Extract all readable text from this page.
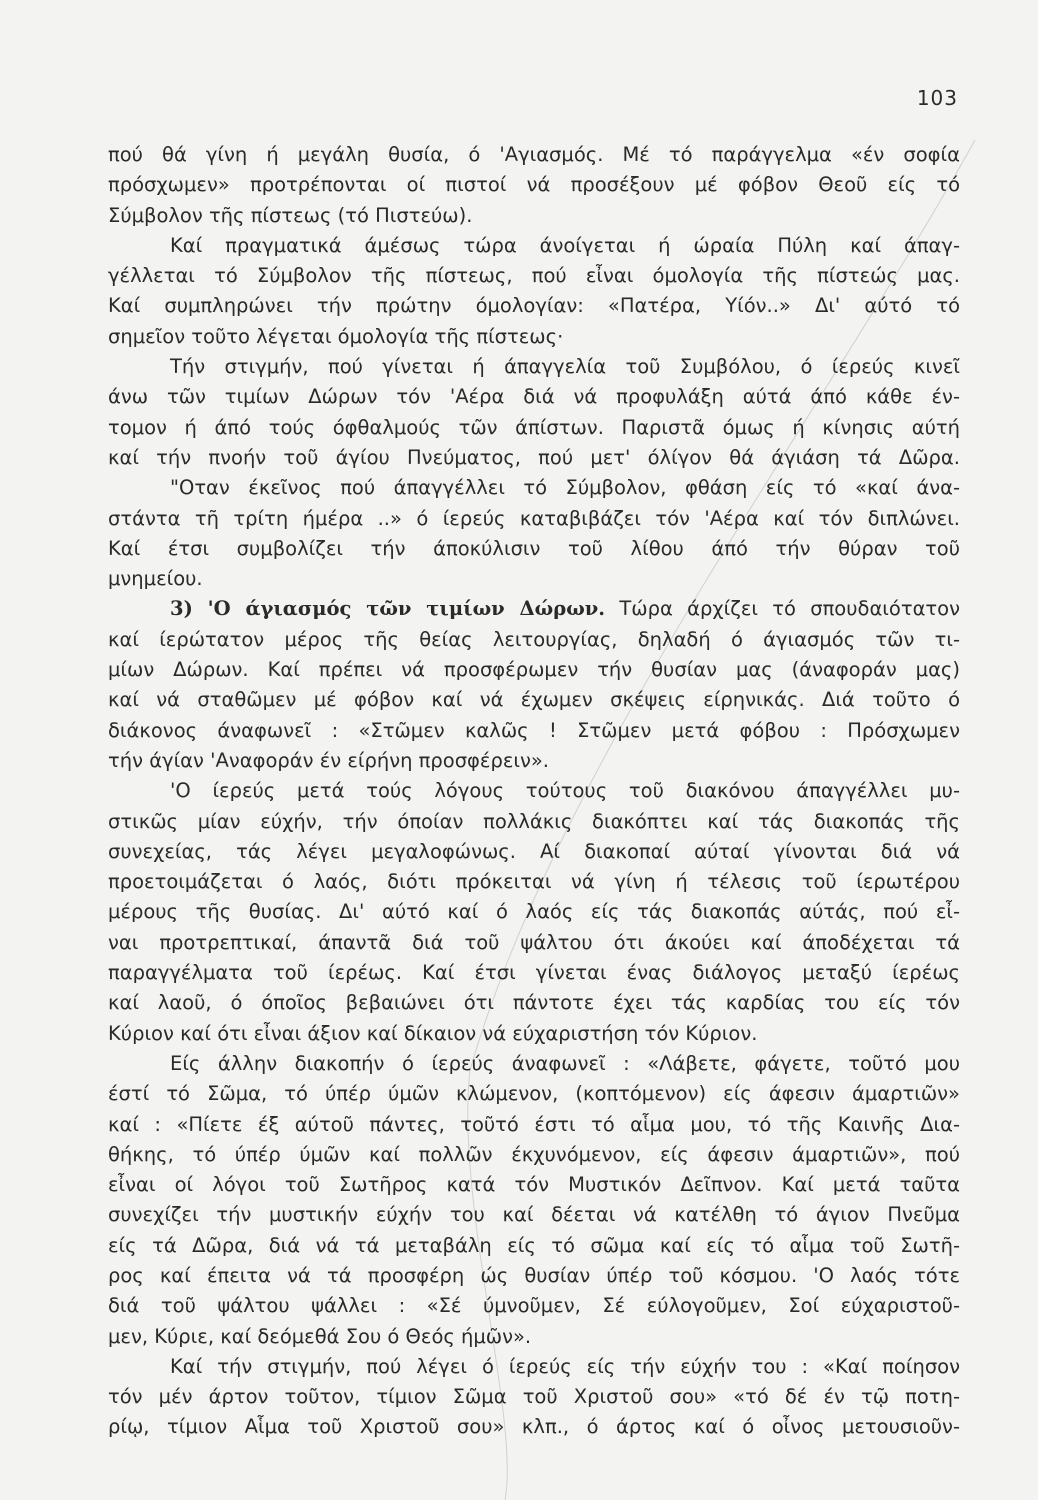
103
πού θά γίνη ή μεγάλη θυσία, ό 'Αγιασμός. Μέ τό παράγγελμα «έν σοφία
πρόσχωμεν» προτρέπονται οί πιστοί νά προσέξουν μέ φόβον Θεοῦ είς τό
Σύμβολον τῆς πίστεως (τό Πιστεύω).
Καί πραγματικά άμέσως τώρα άνοίγεται ή ώραία Πύλη καί άπαγ-
γέλλεται τό Σύμβολον τῆς πίστεως, πού εἶναι όμολογία τῆς πίστεώς μας.
Καί συμπληρώνει τήν πρώτην όμολογίαν: «Πατέρα, Υίόν..» Δι' αύτό τό
σημεῖον τοῦτο λέγεται όμολογία τῆς πίστεως·
Τήν στιγμήν, πού γίνεται ή άπαγγελία τοῦ Συμβόλου, ό ίερεύς κινεῖ
άνω τῶν τιμίων Δώρων τόν 'Αέρα διά νά προφυλάξη αύτά άπό κάθε έν-
τομον ή άπό τούς όφθαλμούς τῶν άπίστων. Παριστᾶ όμως ή κίνησις αύτή
καί τήν πνοήν τοῦ άγίου Πνεύματος, πού μετ' όλίγον θά άγιάση τά Δῶρα.
"Οταν έκεῖνος πού άπαγγέλλει τό Σύμβολον, φθάση είς τό «καί άνα-
στάντα τῆ τρίτη ήμέρα ..» ό ίερεύς καταβιβάζει τόν 'Αέρα καί τόν διπλώνει.
Καί έτσι συμβολίζει τήν άποκύλισιν τοῦ λίθου άπό τήν θύραν τοῦ
μνημείου.
3) 'Ο άγιασμός τῶν τιμίων Δώρων. Τώρα άρχίζει τό σπουδαιότατον
καί ίερώτατον μέρος τῆς θείας λειτουργίας, δηλαδή ό άγιασμός τῶν τι-
μίων Δώρων. Καί πρέπει νά προσφέρωμεν τήν θυσίαν μας (άναφοράν μας)
καί νά σταθῶμεν μέ φόβον καί νά έχωμεν σκέψεις είρηνικάς. Διά τοῦτο ό
διάκονος άναφωνεῖ : «Στῶμεν καλῶς ! Στῶμεν μετά φόβου : Πρόσχωμεν
τήν άγίαν 'Αναφοράν έν είρήνη προσφέρειν».
'Ο ίερεύς μετά τούς λόγους τούτους τοῦ διακόνου άπαγγέλλει μυ-
στικῶς μίαν εύχήν, τήν όποίαν πολλάκις διακόπτει καί τάς διακοπάς τῆς
συνεχείας, τάς λέγει μεγαλοφώνως. Αί διακοπαί αύταί γίνονται διά νά
προετοιμάζεται ό λαός, διότι πρόκειται νά γίνη ή τέλεσις τοῦ ίερωτέρου
μέρους τῆς θυσίας. Δι' αύτό καί ό λαός είς τάς διακοπάς αύτάς, πού εἶ-
ναι προτρεπτικαί, άπαντᾶ διά τοῦ ψάλτου ότι άκούει καί άποδέχεται τά
παραγγέλματα τοῦ ίερέως. Καί έτσι γίνεται ένας διάλογος μεταξύ ίερέως
καί λαοῦ, ό όποῖος βεβαιώνει ότι πάντοτε έχει τάς καρδίας του είς τόν
Κύριον καί ότι εἶναι άξιον καί δίκαιον νά εύχαριστήση τόν Κύριον.
Είς άλλην διακοπήν ό ίερεύς άναφωνεῖ : «Λάβετε, φάγετε, τοῦτό μου
έστί τό Σῶμα, τό ύπέρ ύμῶν κλώμενον, (κοπτόμενον) είς άφεσιν άμαρτιῶν»
καί : «Πίετε έξ αύτοῦ πάντες, τοῦτό έστι τό αἷμα μου, τό τῆς Καινῆς Δια-
θήκης, τό ύπέρ ύμῶν καί πολλῶν έκχυνόμενον, είς άφεσιν άμαρτιῶν», πού
εἶναι οί λόγοι τοῦ Σωτῆρος κατά τόν Μυστικόν Δεῖπνον. Καί μετά ταῦτα
συνεχίζει τήν μυστικήν εύχήν του καί δέεται νά κατέλθη τό άγιον Πνεῦμα
είς τά Δῶρα, διά νά τά μεταβάλη είς τό σῶμα καί είς τό αἷμα τοῦ Σωτῆ-
ρος καί έπειτα νά τά προσφέρη ώς θυσίαν ύπέρ τοῦ κόσμου. 'Ο λαός τότε
διά τοῦ ψάλτου ψάλλει : «Σέ ύμνοῦμεν, Σέ εύλογοῦμεν, Σοί εύχαριστοῦ-
μεν, Κύριε, καί δεόμεθά Σου ό Θεός ήμῶν».
Καί τήν στιγμήν, πού λέγει ό ίερεύς είς τήν εύχήν του : «Καί ποίησον
τόν μέν άρτον τοῦτον, τίμιον Σῶμα τοῦ Χριστοῦ σου» «τό δέ έν τῷ ποτη-
ρίῳ, τίμιον Αἷμα τοῦ Χριστοῦ σου» κλπ., ό άρτος καί ό οἶνος μετουσιοῦν-
